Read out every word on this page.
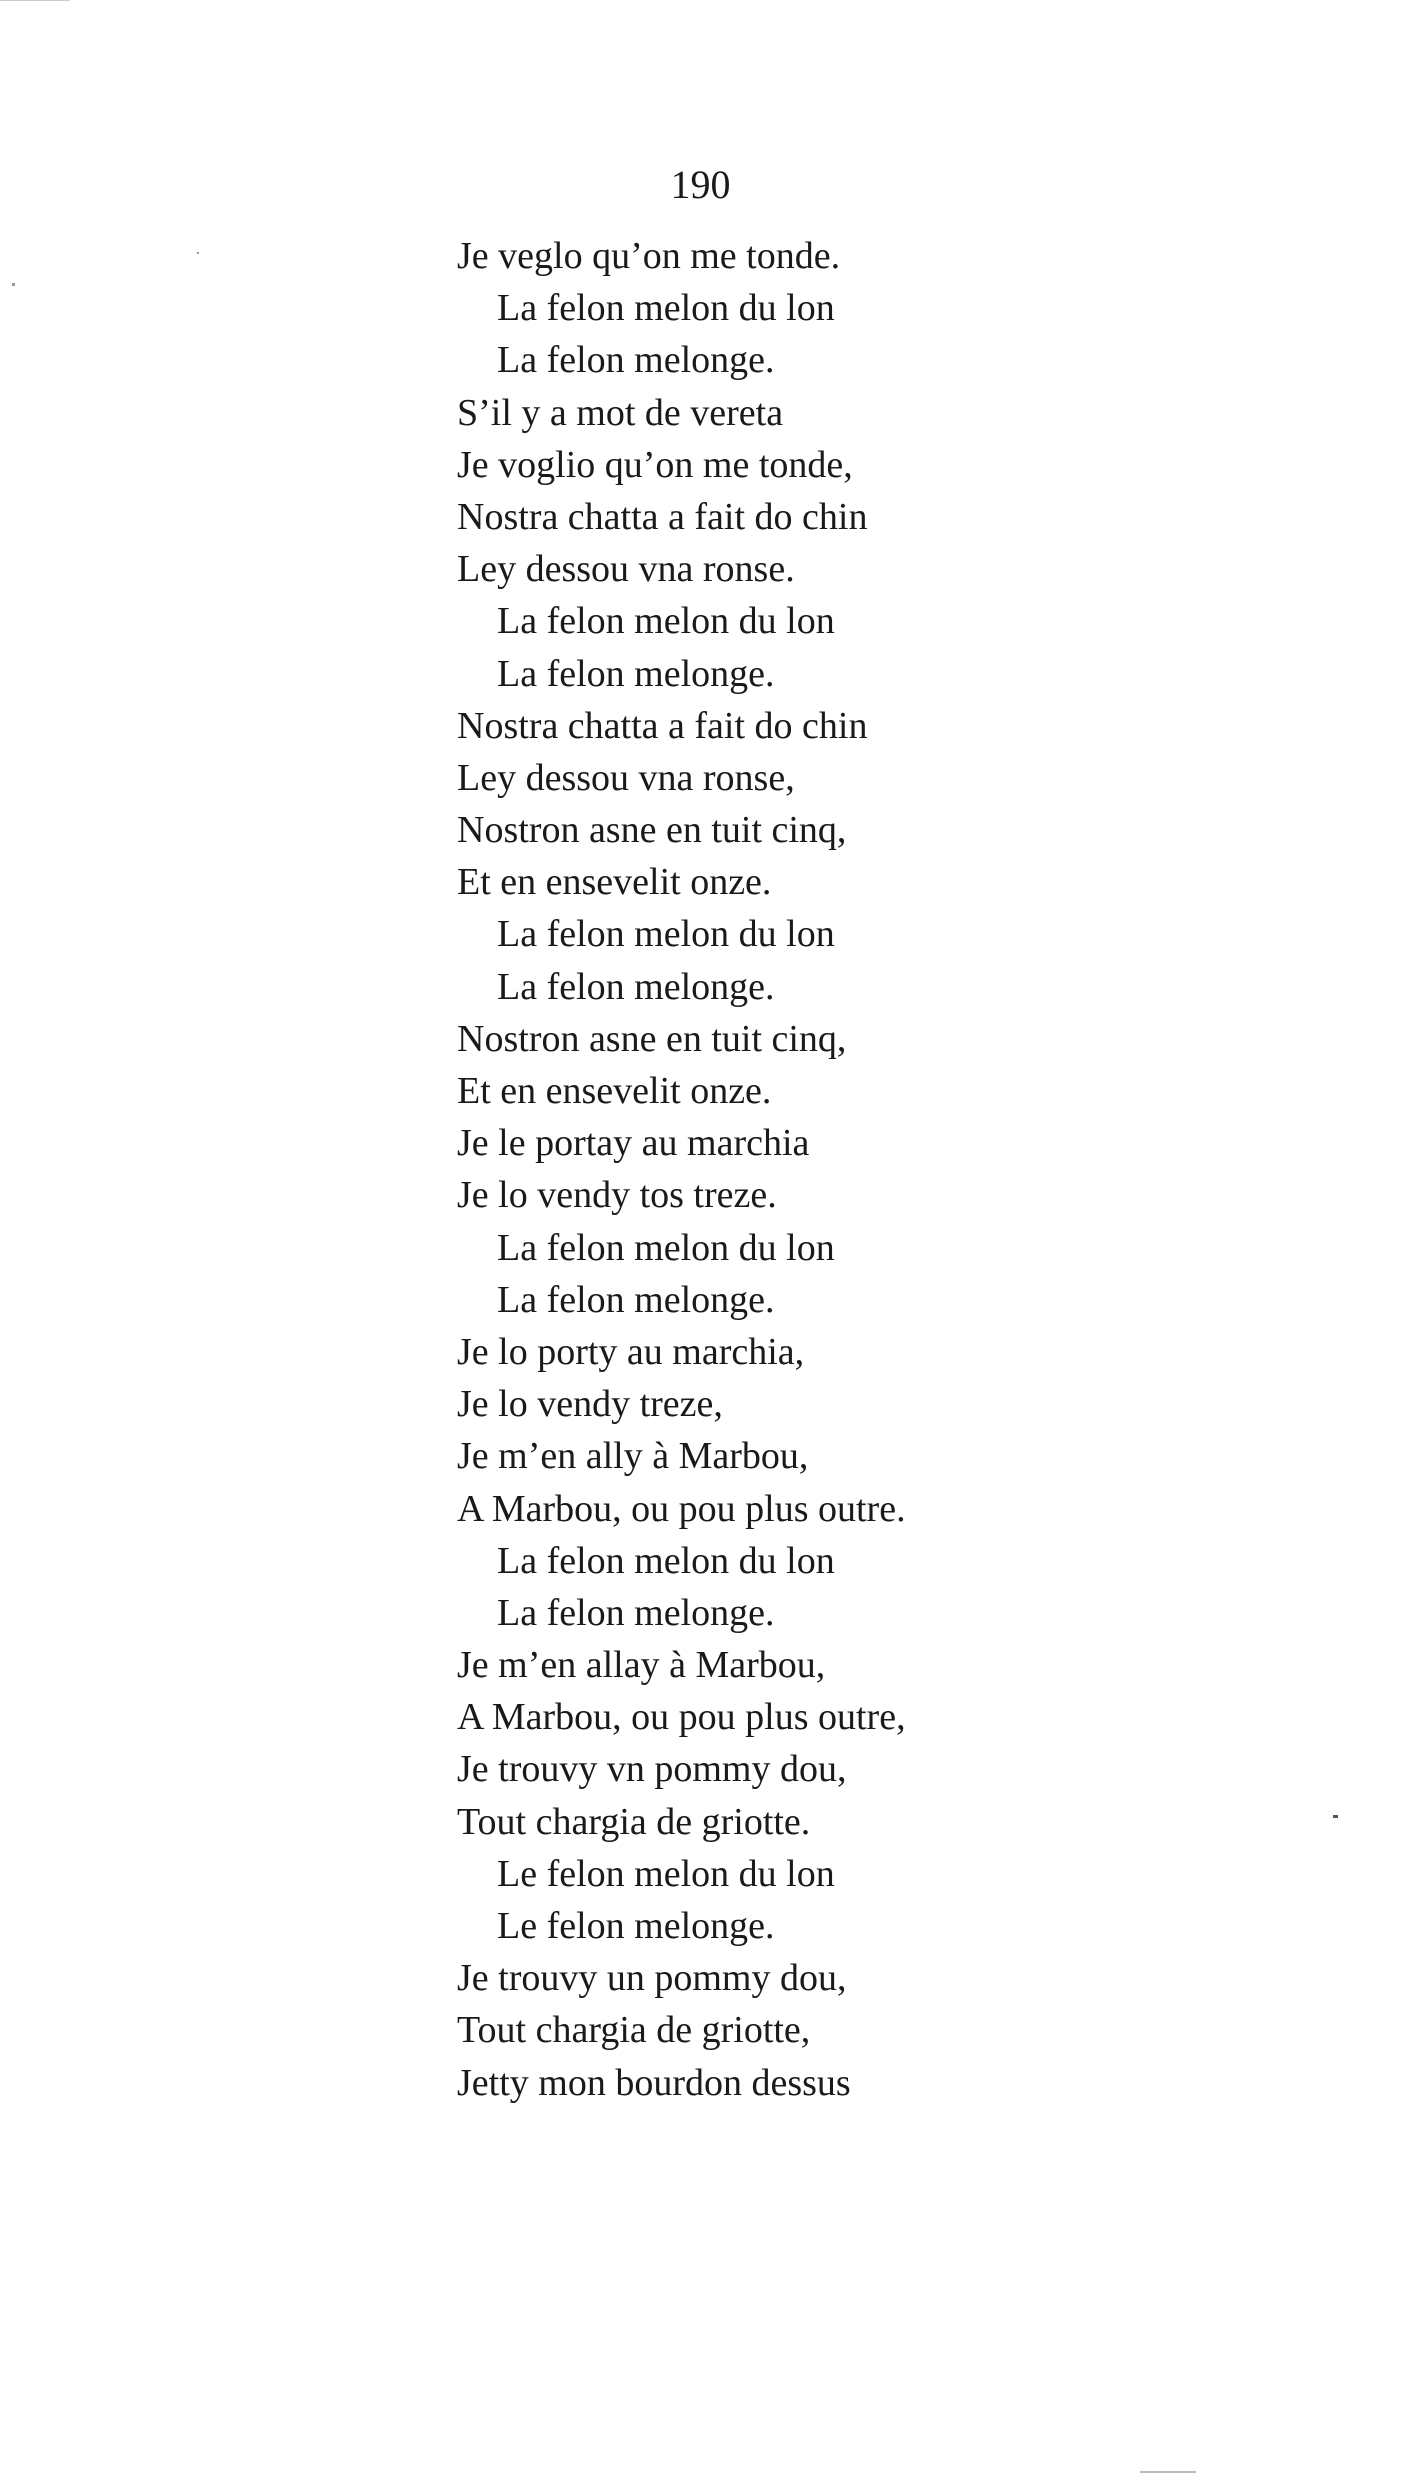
190
Je veglo qu’on me tonde.
La felon melon du lon
La felon melonge.
S’il y a mot de vereta
Je voglio qu’on me tonde,
Nostra chatta a fait do chin
Ley dessou vna ronse.
La felon melon du lon
La felon melonge.
Nostra chatta a fait do chin
Ley dessou vna ronse,
Nostron asne en tuit cinq,
Et en ensevelit onze.
La felon melon du lon
La felon melonge.
Nostron asne en tuit cinq,
Et en ensevelit onze.
Je le portay au marchia
Je lo vendy tos treze.
La felon melon du lon
La felon melonge.
Je lo porty au marchia,
Je lo vendy treze,
Je m’en ally à Marbou,
A Marbou, ou pou plus outre.
La felon melon du lon
La felon melonge.
Je m’en allay à Marbou,
A Marbou, ou pou plus outre,
Je trouvy vn pommy dou,
Tout chargia de griotte.
Le felon melon du lon
Le felon melonge.
Je trouvy un pommy dou,
Tout chargia de griotte,
Jetty mon bourdon dessus
